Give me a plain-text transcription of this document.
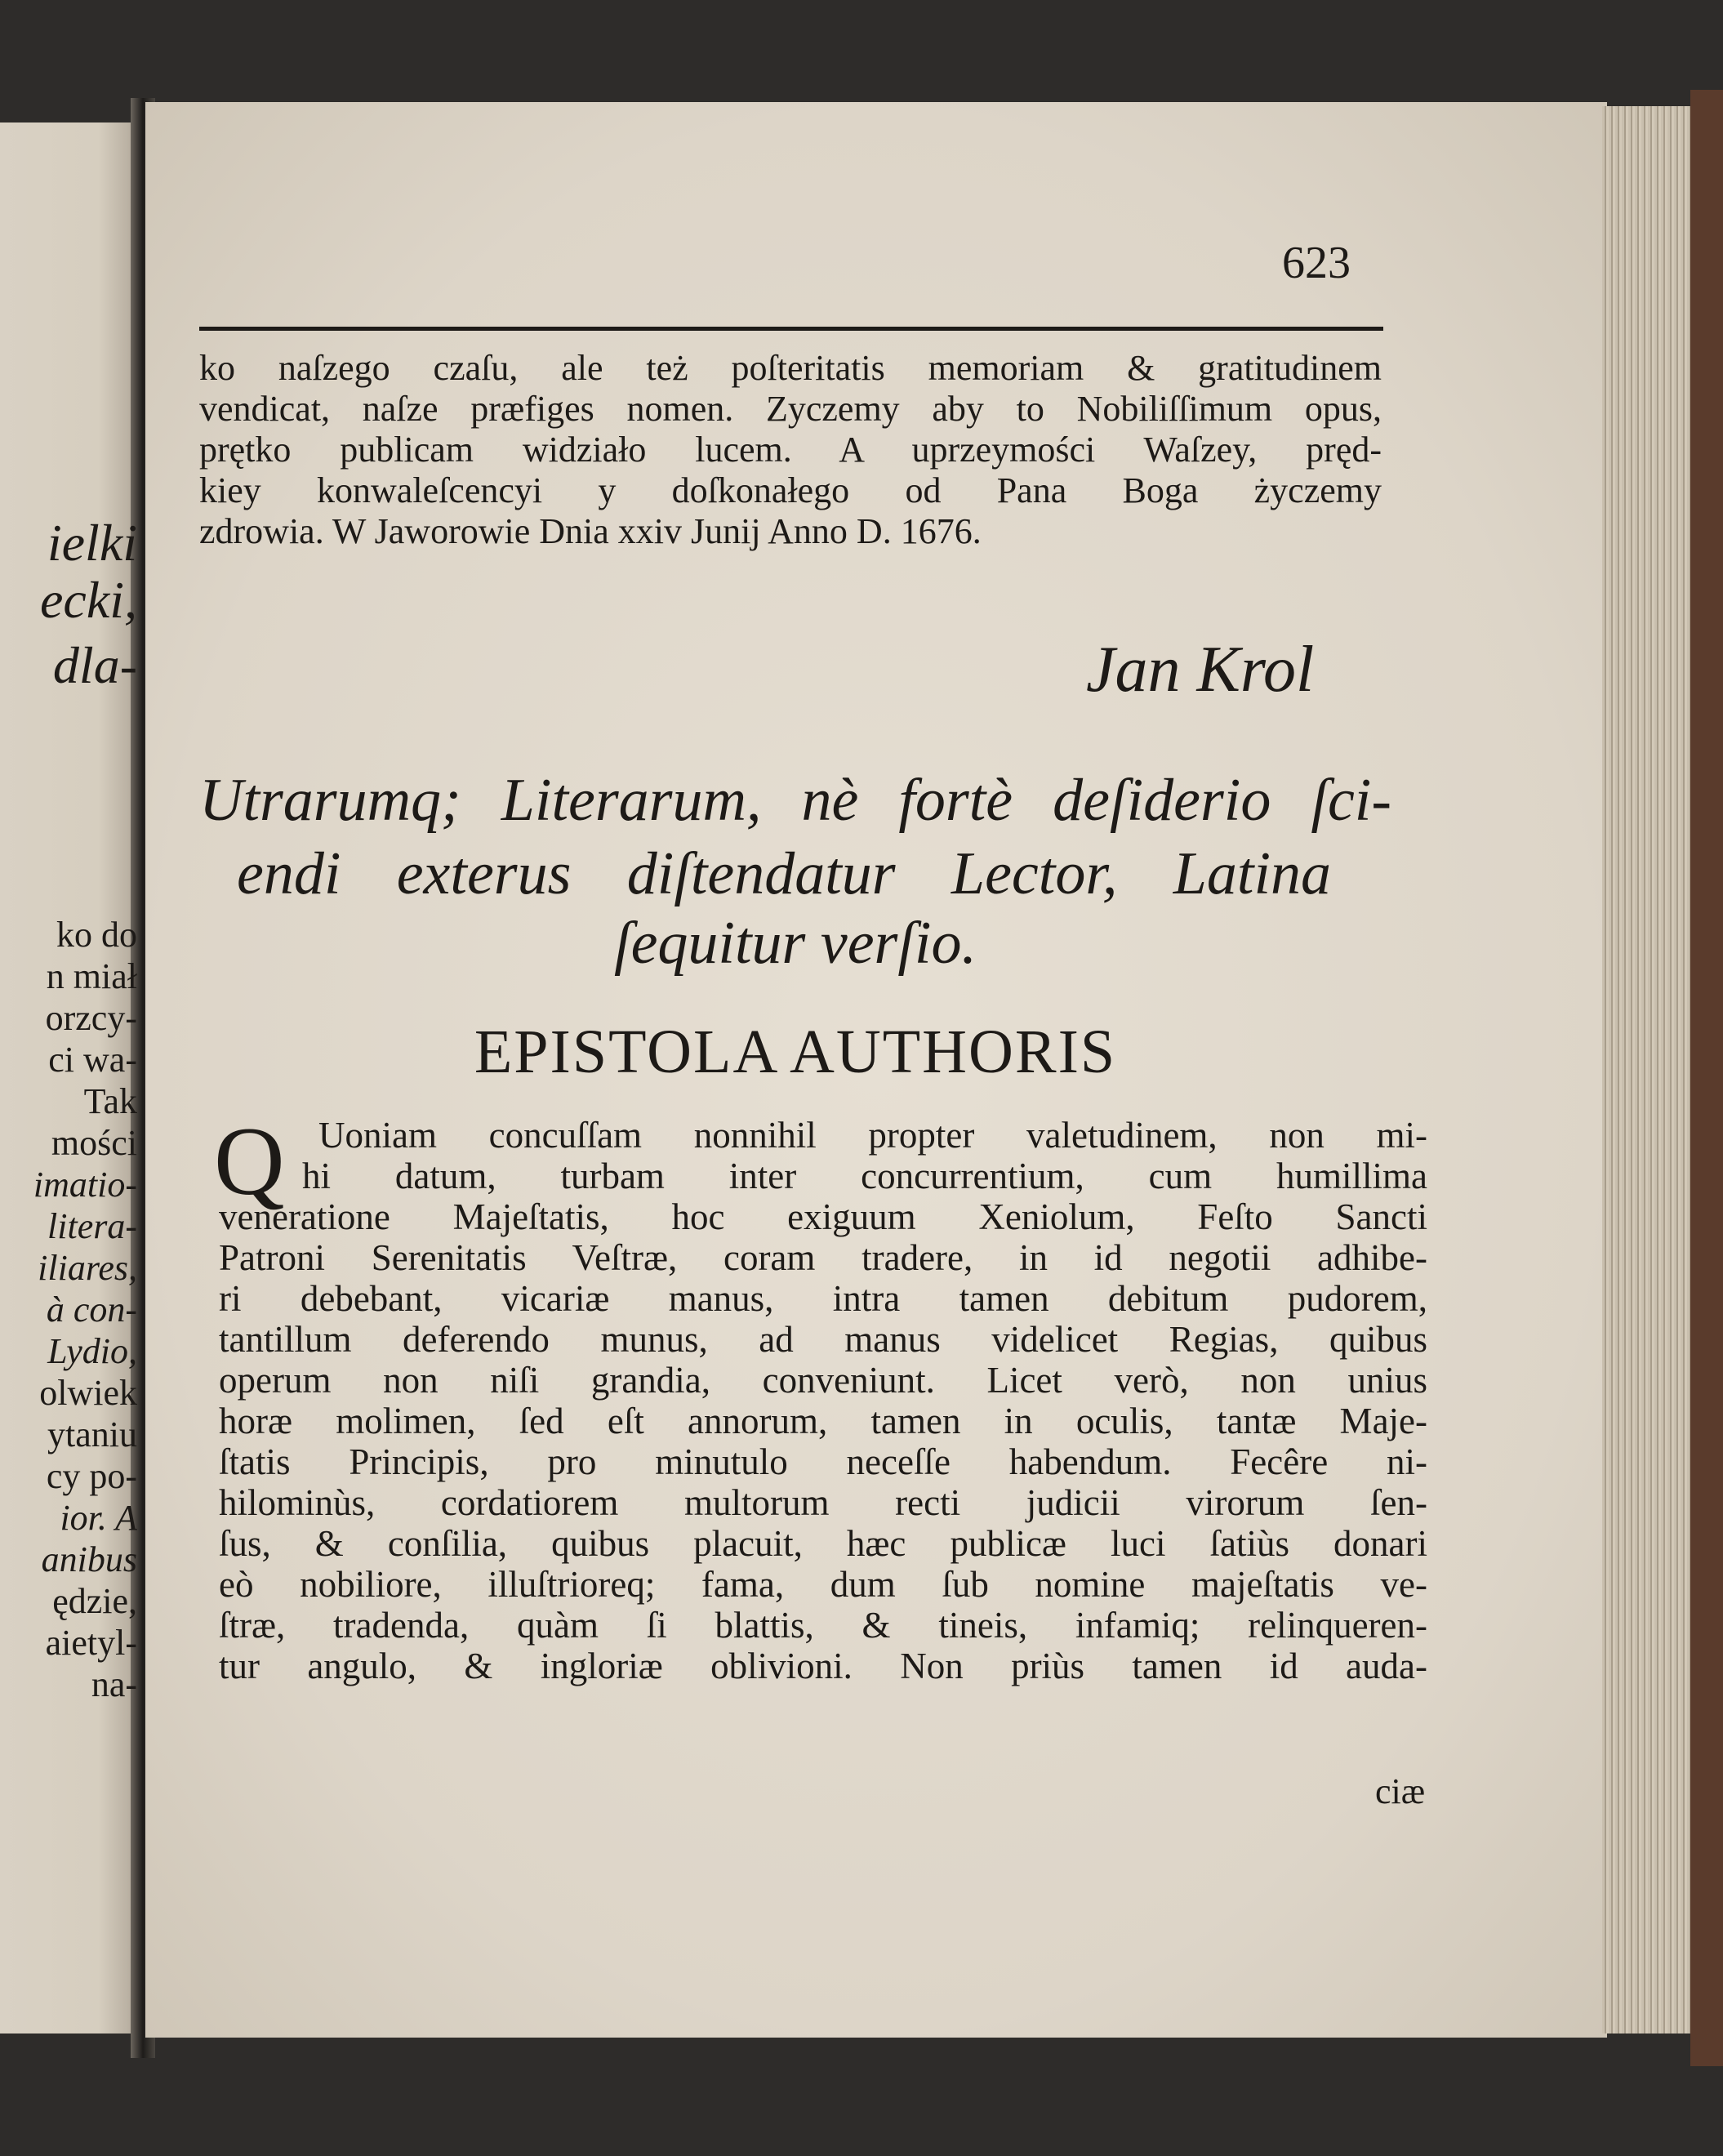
ielki
ecki,
dla-
ko do
n miał
orzcy-
ci wa-
Tak
mości
imatio-
litera-
iliares,
à con-
Lydio,
olwiek
ytaniu
cy po-
ior. A
anibus
ędzie,
aietyl-
na-
623
ko naſzego czaſu, ale też poſteritatis memoriam & gratitudinem
vendicat, naſze præfiges nomen. Zyczemy aby to Nobiliſſimum opus,
prętko publicam widziało lucem. A uprzeymości Waſzey, pręd-
kiey konwaleſcencyi y doſkonałego od Pana Boga życzemy
zdrowia. W Jaworowie Dnia xxiv Junij Anno D. 1676.
Jan Krol
Utrarumq; Literarum, nè fortè deſiderio ſci-
endi exterus diſtendatur Lector, Latina
ſequitur verſio.
EPISTOLA AUTHORIS
Q Uoniam concuſſam nonnihil propter valetudinem, non mi-
hi datum, turbam inter concurrentium, cum humillima
veneratione Majeſtatis, hoc exiguum Xeniolum, Feſto Sancti
Patroni Serenitatis Veſtræ, coram tradere, in id negotii adhibe-
ri debebant, vicariæ manus, intra tamen debitum pudorem,
tantillum deferendo munus, ad manus videlicet Regias, quibus
operum non niſi grandia, conveniunt. Licet verò, non unius
horæ molimen, ſed eſt annorum, tamen in oculis, tantæ Maje-
ſtatis Principis, pro minutulo neceſſe habendum. Fecêre ni-
hilominùs, cordatiorem multorum recti judicii virorum ſen-
ſus, & conſilia, quibus placuit, hæc publicæ luci ſatiùs donari
eò nobiliore, illuſtrioreq; fama, dum ſub nomine majeſtatis ve-
ſtræ, tradenda, quàm ſi blattis, & tineis, infamiq; relinqueren-
tur angulo, & ingloriæ oblivioni. Non priùs tamen id auda-
ciæ
